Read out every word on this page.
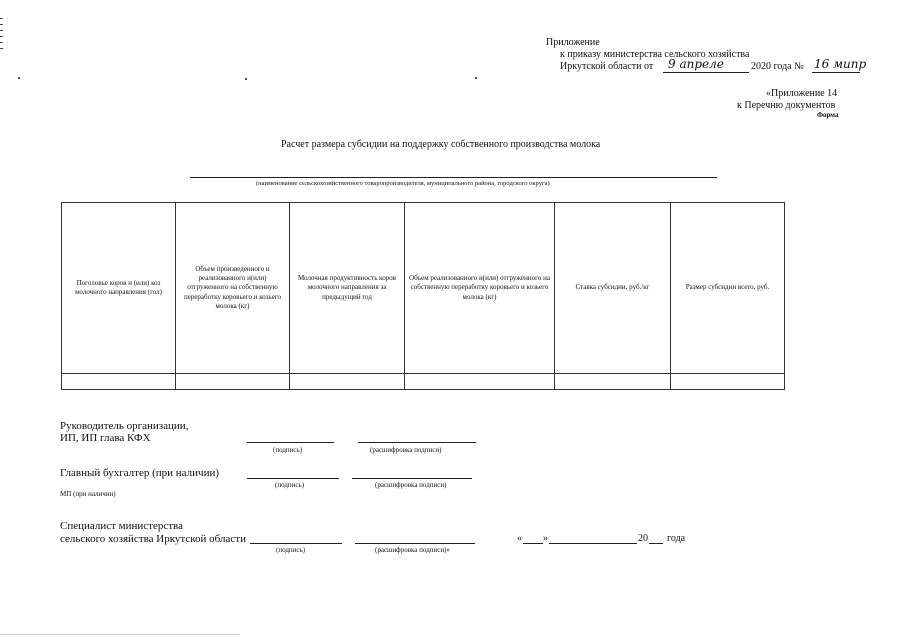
Приложение
к приказу министерства сельского хозяйства
Иркутской области от 9 апреле	2020 года № 16 миnр
«Приложение 14
к Перечню документов
Форма
Расчет размера субсидии на поддержку собственного производства молока
(наименование сельскохозяйственного товаропроизводителя, муниципального района, городского округа)
Поголовье коров и (или) коз молочного направления (гол)	Объем произведенного и реализованного и(или) отгруженного на собственную переработку коровьего и козьего молока (кг)	Молочная продуктивность коров молочного направления за предыдущий год	Объем реализованного и(или) отгруженного на собственную переработку коровьего и козьего молока (кг)	Ставка субсидии, руб./кг	Размер субсидии всего, руб.

Руководитель организации,
ИП, ИП глава КФХ
(подпись)	(расшифровка подписи)
Главный бухгалтер (при наличии)
(подпись)	(расшифровка подписи)
МП (при наличии)
Специалист министерства
сельского хозяйства Иркутской области
(подпись)	(расшифровка подписи)»
« »	20 года
